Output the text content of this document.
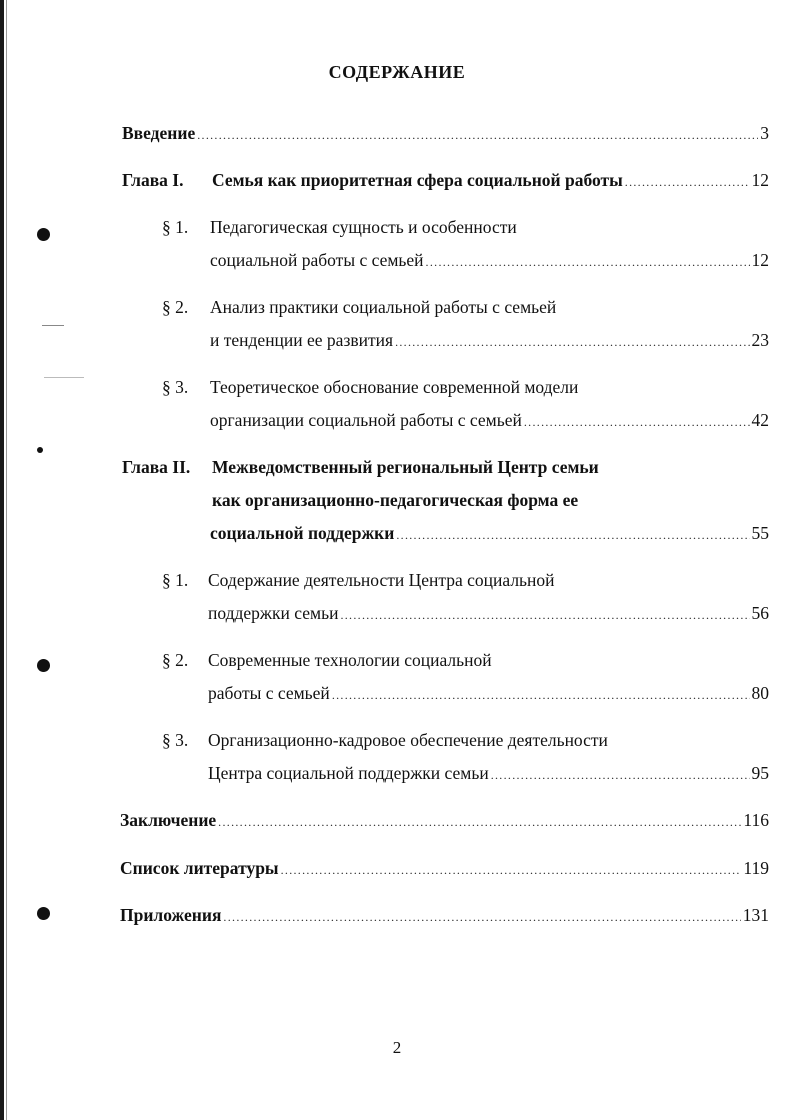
СОДЕРЖАНИЕ
Введение .....	3
Глава I. Семья как приоритетная сфера социальной работы .....	12
§ 1. Педагогическая сущность и особенности
социальной работы с семьей .....	12
§ 2. Анализ практики социальной работы с семьей
и тенденции ее развития .....	23
§ 3. Теоретическое обоснование современной модели
организации социальной работы с семьей .....	42
Глава II. Межведомственный региональный Центр семьи
как организационно-педагогическая форма ее
социальной поддержки .....	55
§ 1. Содержание деятельности Центра социальной
поддержки семьи .....	56
§ 2. Современные технологии социальной
работы с семьей .....	80
§ 3. Организационно-кадровое обеспечение деятельности
Центра социальной поддержки семьи .....	95
Заключение .....	116
Список литературы .....	119
Приложения .....	131
2
